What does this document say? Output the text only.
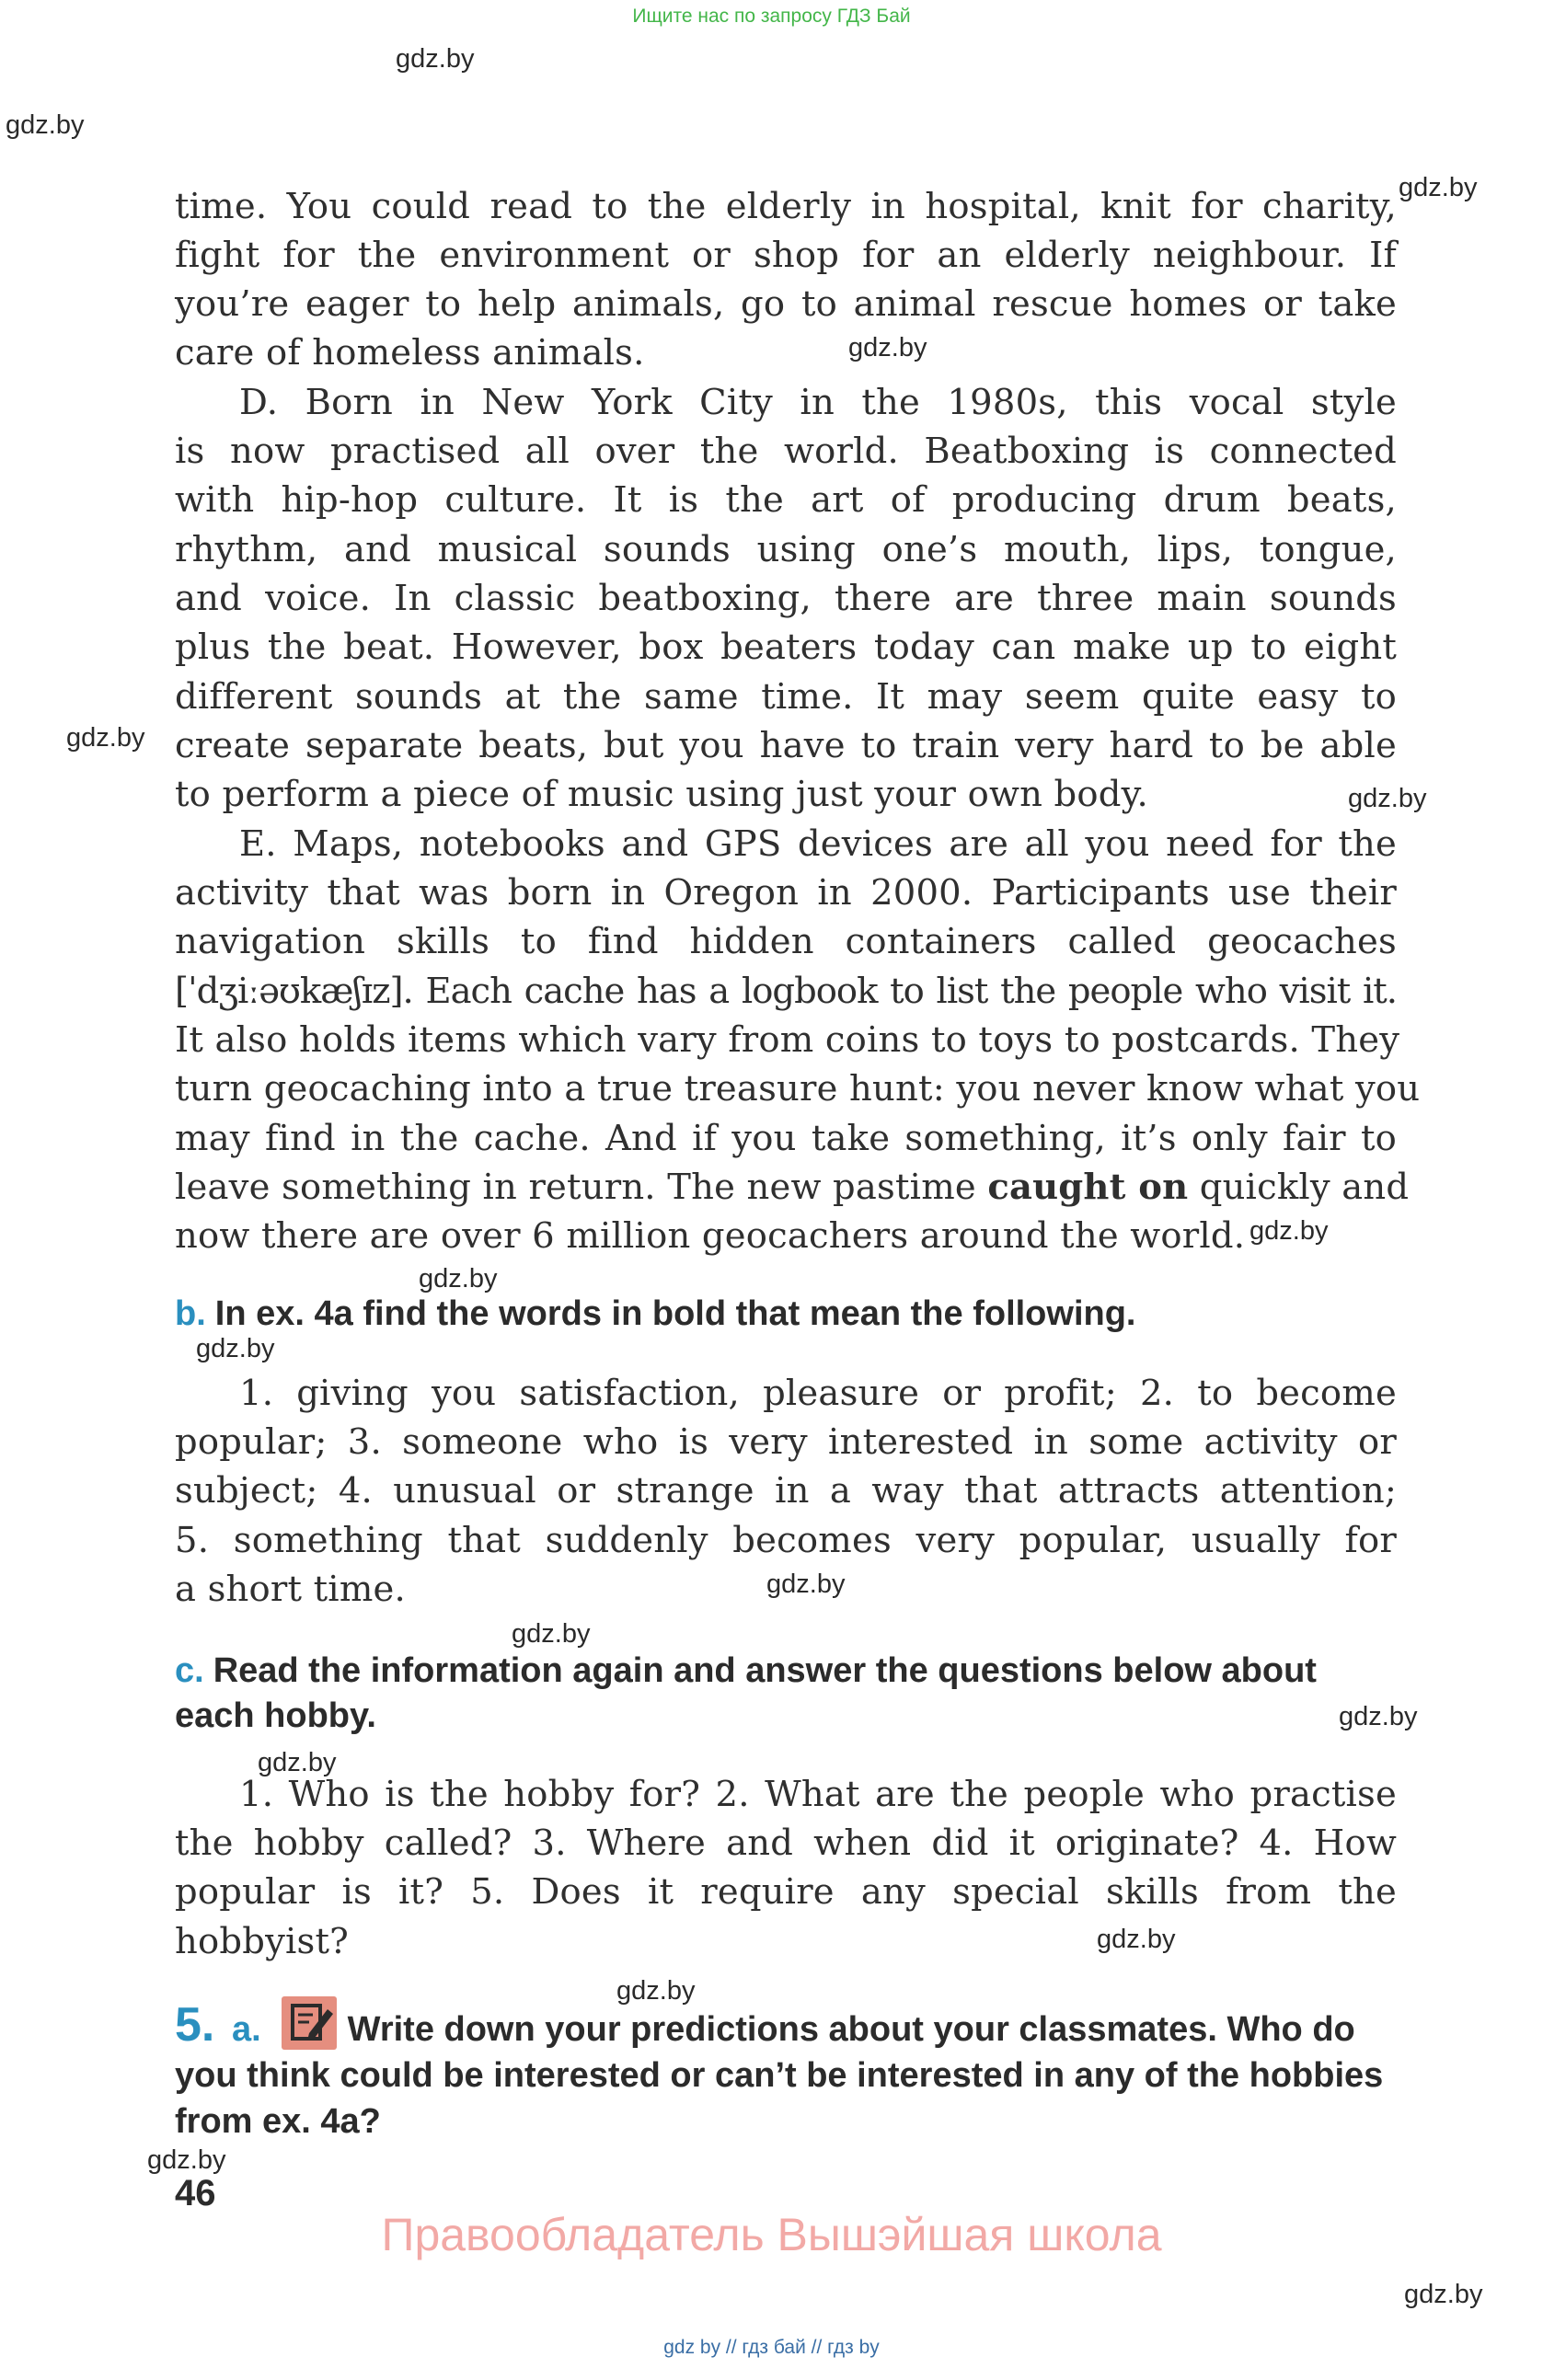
Ищите нас по запросу ГДЗ Бай
gdz.by
gdz.by
gdz.by
gdz.by
gdz.by
gdz.by
gdz.by
gdz.by
gdz.by
gdz.by
gdz.by
gdz.by
gdz.by
gdz.by
gdz.by
gdz.by
gdz.by
time. You could read to the elderly in hospital, knit for charity,
fight for the environment or shop for an elderly neighbour. If
you’re eager to help animals, go to animal rescue homes or take
care of homeless animals.
D. Born in New York City in the 1980s, this vocal style
is now practised all over the world. Beatboxing is connected
with hip-hop culture. It is the art of producing drum beats,
rhythm, and musical sounds using one’s mouth, lips, tongue,
and voice. In classic beatboxing, there are three main sounds
plus the beat. However, box beaters today can make up to eight
different sounds at the same time. It may seem quite easy to
create separate beats, but you have to train very hard to be able
to perform a piece of music using just your own body.
E. Maps, notebooks and GPS devices are all you need for the
activity that was born in Oregon in 2000. Participants use their
navigation skills to find hidden containers called geocaches
[ˈdʒiːəʊkæʃɪz]. Each cache has a logbook to list the people who visit it.
It also holds items which vary from coins to toys to postcards. They
turn geocaching into a true treasure hunt: you never know what you
may find in the cache. And if you take something, it’s only fair to
leave something in return. The new pastime caught on quickly and
now there are over 6 million geocachers around the world.
b. In ex. 4a find the words in bold that mean the following.
1. giving you satisfaction, pleasure or profit; 2. to become
popular; 3. someone who is very interested in some activity or
subject; 4. unusual or strange in a way that attracts attention;
5. something that suddenly becomes very popular, usually for
a short time.
c. Read the information again and answer the questions below about each hobby.
1. Who is the hobby for? 2. What are the people who practise
the hobby called? 3. Where and when did it originate? 4. How
popular is it? 5. Does it require any special skills from the
hobbyist?
5. a. Write down your predictions about your classmates. Who do you think could be interested or can’t be interested in any of the hobbies from ex. 4a?
46
Правообладатель Вышэйшая школа
gdz by // гдз бай // гдз by
